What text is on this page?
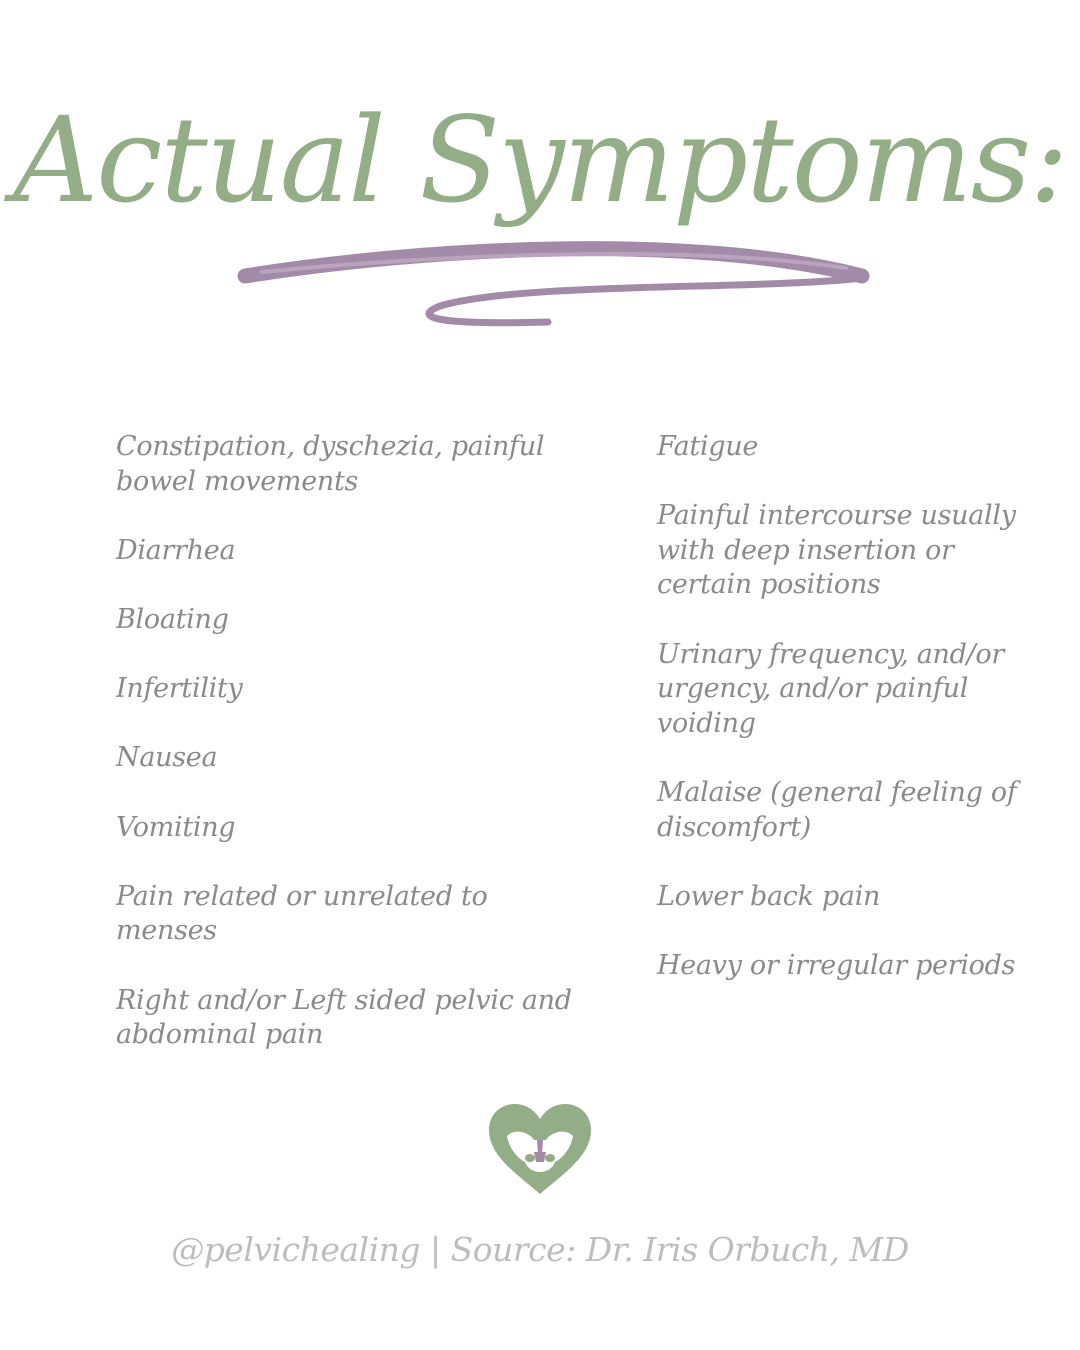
Actual Symptoms:
Constipation, dyschezia, painful bowel movements
Diarrhea
Bloating
Infertility
Nausea
Vomiting
Pain related or unrelated to menses
Right and/or Left sided pelvic and abdominal pain
Fatigue
Painful intercourse usually with deep insertion or certain positions
Urinary frequency, and/or urgency, and/or painful voiding
Malaise (general feeling of discomfort)
Lower back pain
Heavy or irregular periods
@pelvichealing | Source: Dr. Iris Orbuch, MD
